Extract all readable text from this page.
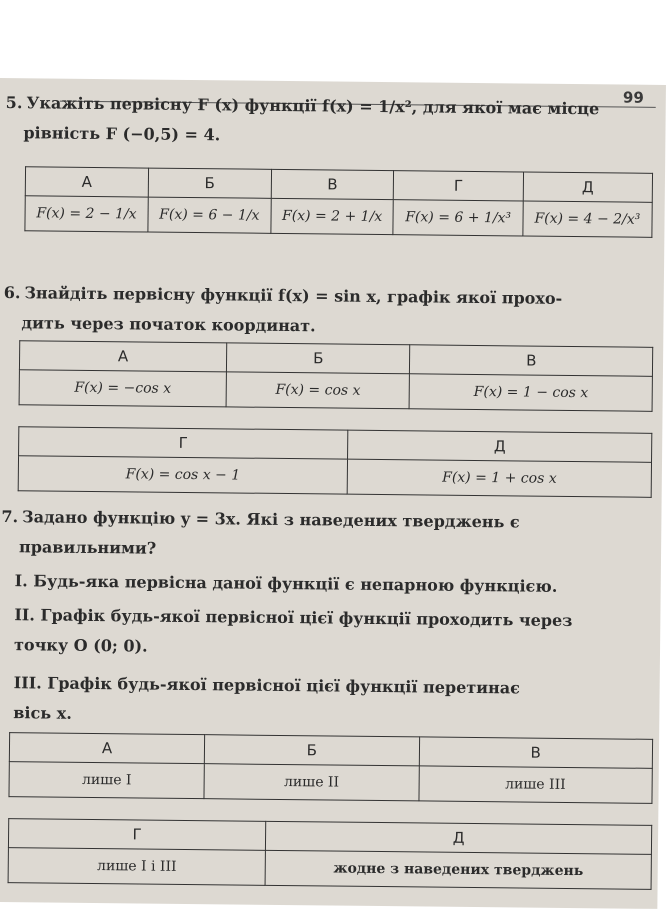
99
5. Укажіть первісну F (x) функції f(x) = 1/x², для якої має місце
рівність F (−0,5) = 4.
А	Б	В	Г	Д
F(x) = 2 − 1/x	F(x) = 6 − 1/x	F(x) = 2 + 1/x	F(x) = 6 + 1/x³	F(x) = 4 − 2/x³
6. Знайдіть первісну функції f(x) = sin x, графік якої прохо-
дить через початок координат.
А	Б	В
F(x) = −cos x	F(x) = cos x	F(x) = 1 − cos x
Г	Д
F(x) = cos x − 1	F(x) = 1 + cos x
7. Задано функцію y = 3x. Які з наведених тверджень є
правильними?
I. Будь-яка первісна даної функції є непарною функцією.
II. Графік будь-якої первісної цієї функції проходить через
точку O (0; 0).
III. Графік будь-якої первісної цієї функції перетинає
вісь x.
А	Б	В
лише I	лише II	лише III
Г	Д
лише I і III	жодне з наведених тверджень
